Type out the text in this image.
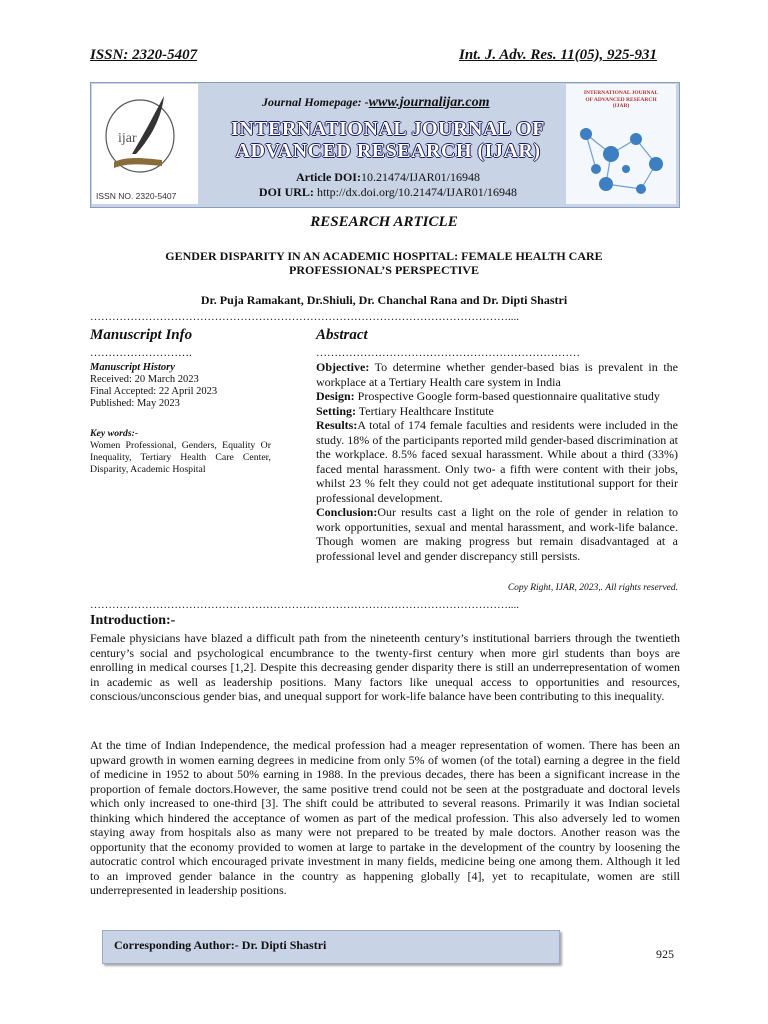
ISSN: 2320-5407	Int. J. Adv. Res. 11(05), 925-931
ijar
ISSN NO. 2320-5407
INTERNATIONAL JOURNAL OF ADVANCED RESEARCH (IJAR)
Journal Homepage: -www.journalijar.com
INTERNATIONAL JOURNAL OF
ADVANCED RESEARCH (IJAR)
Article DOI:10.21474/IJAR01/16948
DOI URL: http://dx.doi.org/10.21474/IJAR01/16948
RESEARCH ARTICLE
GENDER DISPARITY IN AN ACADEMIC HOSPITAL: FEMALE HEALTH CARE
PROFESSIONAL’S PERSPECTIVE
Dr. Puja Ramakant, Dr.Shiuli, Dr. Chanchal Rana and Dr. Dipti Shastri
……………………………………………………………………………………………………....
Manuscript Info
……………………….
Manuscript History
Received: 20 March 2023
Final Accepted: 22 April 2023
Published: May 2023
Key words:-
Women Professional, Genders, Equality Or Inequality, Tertiary Health Care Center, Disparity, Academic Hospital
Abstract
………………………………………………………………

Objective: To determine whether gender-based bias is prevalent in the workplace at a Tertiary Health care system in India

Design: Prospective Google form-based questionnaire qualitative study

Setting: Tertiary Healthcare Institute

Results:A total of 174 female faculties and residents were included in the study. 18% of the participants reported mild gender-based discrimination at the workplace. 8.5% faced sexual harassment. While about a third (33%) faced mental harassment. Only two- a fifth were content with their jobs, whilst 23 % felt they could not get adequate institutional support for their professional development.

Conclusion:Our results cast a light on the role of gender in relation to work opportunities, sexual and mental harassment, and work-life balance. Though women are making progress but remain disadvantaged at a professional level and gender discrepancy still persists.

Copy Right, IJAR, 2023,. All rights reserved.
……………………………………………………………………………………………………....
Introduction:-

Female physicians have blazed a difficult path from the nineteenth century’s institutional barriers through the twentieth century’s social and psychological encumbrance to the twenty-first century when more girl students than boys are enrolling in medical courses [1,2]. Despite this decreasing gender disparity there is still an underrepresentation of women in academic as well as leadership positions. Many factors like unequal access to opportunities and resources, conscious/unconscious gender bias, and unequal support for work-life balance have been contributing to this inequality.

At the time of Indian Independence, the medical profession had a meager representation of women. There has been an upward growth in women earning degrees in medicine from only 5% of women (of the total) earning a degree in the field of medicine in 1952 to about 50% earning in 1988. In the previous decades, there has been a significant increase in the proportion of female doctors.However, the same positive trend could not be seen at the postgraduate and doctoral levels which only increased to one-third [3]. The shift could be attributed to several reasons. Primarily it was Indian societal thinking which hindered the acceptance of women as part of the medical profession. This also adversely led to women staying away from hospitals also as many were not prepared to be treated by male doctors. Another reason was the opportunity that the economy provided to women at large to partake in the development of the country by loosening the autocratic control which encouraged private investment in many fields, medicine being one among them. Although it led to an improved gender balance in the country as happening globally [4], yet to recapitulate, women are still underrepresented in leadership positions.

Corresponding Author:- Dr. Dipti Shastri
925
